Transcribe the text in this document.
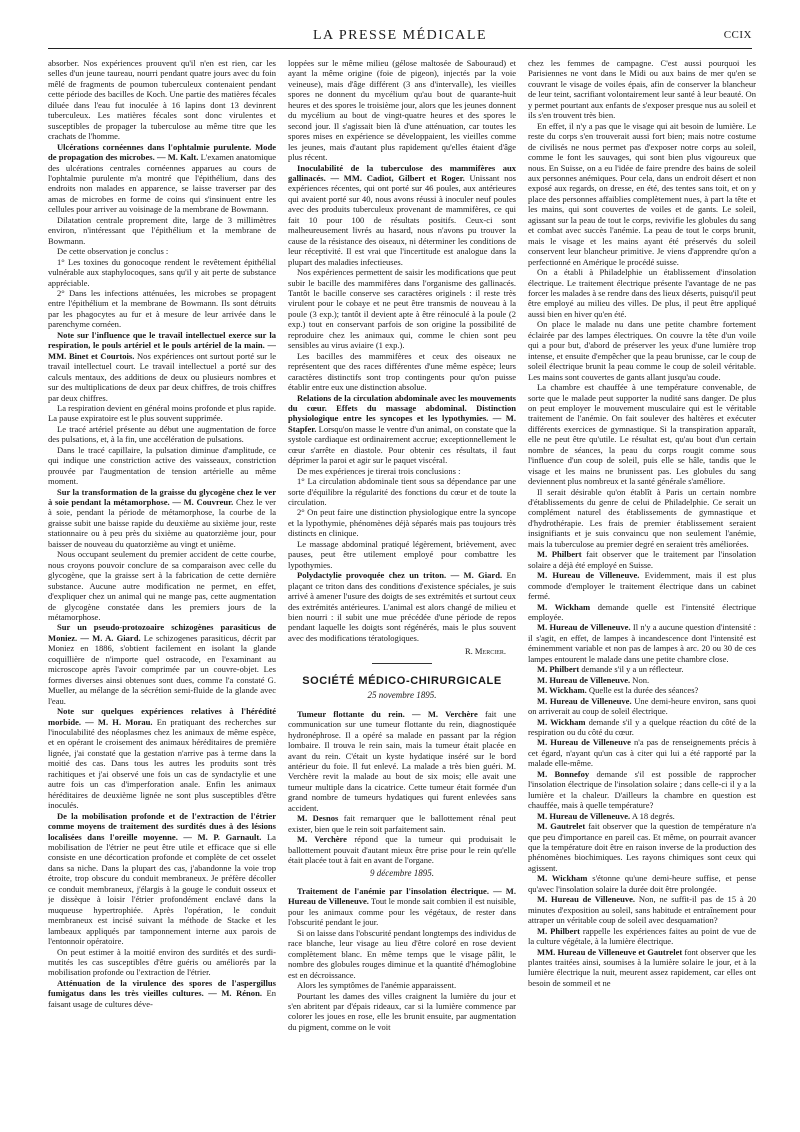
LA PRESSE MÉDICALE	CCIX

absorber. Nos expériences prouvent qu'il n'en est rien, car les selles d'un jeune taureau, nourri pendant quatre jours avec du foin mêlé de fragments de poumon tuberculeux contenaient pendant cette période des bacilles de Koch. Une partie des matières fécales diluée dans l'eau fut inoculée à 16 lapins dont 13 devinrent tuberculeux. Les matières fécales sont donc virulentes et susceptibles de propager la tuberculose au même titre que les crachats de l'homme.

Ulcérations cornéennes dans l'ophtalmie purulente. Mode de propagation des microbes. — M. Kalt. L'examen anatomique des ulcérations centrales cornéennes apparues au cours de l'ophtalmie purulente m'a montré que l'épithélium, dans des endroits non malades en apparence, se laisse traverser par des amas de microbes en forme de coins qui s'insinuent entre les cellules pour arriver au voisinage de la membrane de Bowmann.

Dilatation centrale proprement dite, large de 3 millimètres environ, n'intéressant que l'épithélium et la membrane de Bowmann.

De cette observation je conclus :

1° Les toxines du gonocoque rendent le revêtement épithélial vulnérable aux staphylocoques, sans qu'il y ait perte de substance appréciable.

2° Dans les infections atténuées, les microbes se propagent entre l'épithélium et la membrane de Bowmann. Ils sont détruits par les phagocytes au fur et à mesure de leur arrivée dans le parenchyme cornéen.

Note sur l'influence que le travail intellectuel exerce sur la respiration, le pouls artériel et le pouls artériel de la main. — MM. Binet et Courtois. Nos expériences ont surtout porté sur le travail intellectuel court. Le travail intellectuel a porté sur des calculs mentaux, des additions de deux ou plusieurs nombres et sur des multiplications de deux par deux chiffres, de trois chiffres par deux chiffres.

La respiration devient en général moins profonde et plus rapide. La pause expiratoire est le plus souvent supprimée.

Le tracé artériel présente au début une augmentation de force des pulsations, et, à la fin, une accélération de pulsations.

Dans le tracé capillaire, la pulsation diminue d'amplitude, ce qui indique une constriction active des vaisseaux, constriction prouvée par l'augmentation de tension artérielle au même moment.

Sur la transformation de la graisse du glycogène chez le ver à soie pendant la métamorphose. — M. Couvreur. Chez le ver à soie, pendant la période de métamorphose, la courbe de la graisse subit une baisse rapide du deuxième au sixième jour, reste stationnaire ou à peu près du sixième au quatorzième jour, pour baisser de nouveau du quatorzième au vingt et unième.

Nous occupant seulement du premier accident de cette courbe, nous croyons pouvoir conclure de sa comparaison avec celle du glycogène, que la graisse sert à la fabrication de cette dernière substance. Aucune autre modification ne permet, en effet, d'expliquer chez un animal qui ne mange pas, cette augmentation de glycogène constatée dans les premiers jours de la métamorphose.

Sur un pseudo-protozoaire schizogènes parasiticus de Moniez. — M. A. Giard. Le schizogenes parasiticus, décrit par Moniez en 1886, s'obtient facilement en isolant la glande coquillière de n'importe quel ostracode, en l'examinant au microscope après l'avoir comprimée par un couvre-objet. Les formes diverses ainsi obtenues sont dues, comme l'a constaté G. Mueller, au mélange de la sécrétion semi-fluide de la glande avec l'eau.

Note sur quelques expériences relatives à l'hérédité morbide. — M. H. Morau. En pratiquant des recherches sur l'inoculabilité des néoplasmes chez les animaux de même espèce, et en opérant le croisement des animaux héréditaires de première lignée, j'ai constaté que la gestation n'arrive pas à terme dans la moitié des cas. Dans tous les autres les produits sont très rachitiques et j'ai observé une fois un cas de syndactylie et une autre fois un cas d'imperforation anale. Enfin les animaux héréditaires de deuxième lignée ne sont plus susceptibles d'être inoculés.

De la mobilisation profonde et de l'extraction de l'étrier comme moyens de traitement des surdités dues à des lésions localisées dans l'oreille moyenne. — M. P. Garnault. La mobilisation de l'étrier ne peut être utile et efficace que si elle consiste en une décortication profonde et complète de cet osselet dans sa niche. Dans la plupart des cas, j'abandonne la voie trop étroite, trop obscure du conduit membraneux. Je préfère décoller ce conduit membraneux, j'élargis à la gouge le conduit osseux et je dissèque à loisir l'étrier profondément enclavé dans la muqueuse hypertrophiée. Après l'opération, le conduit membraneux est incisé suivant la méthode de Stacke et les lambeaux appliqués par tamponnement interne aux parois de l'entonnoir opératoire.

On peut estimer à la moitié environ des surdités et des surdi-mutités les cas susceptibles d'être guéris ou améliorés par la mobilisation profonde ou l'extraction de l'étrier.

Atténuation de la virulence des spores de l'aspergillus fumigatus dans les très vieilles cultures. — M. Rénon. En faisant usage de cultures déve-

loppées sur le même milieu (gélose maltosée de Sabouraud) et ayant la même origine (foie de pigeon), injectés par la voie veineuse), mais d'âge différent (3 ans d'intervalle), les vieilles spores ne donnent du mycélium qu'au bout de quarante-huit heures et des spores le troisième jour, alors que les jeunes donnent du mycélium au bout de vingt-quatre heures et des spores le second jour. Il s'agissait bien là d'une atténuation, car toutes les spores mises en expérience se développaient, les vieilles comme les jeunes, mais d'autant plus rapidement qu'elles étaient d'âge plus récent.

Inoculabilité de la tuberculose des mammifères aux gallinacés. — MM. Cadiot, Gilbert et Roger. Unissant nos expériences récentes, qui ont porté sur 46 poules, aux antérieures qui avaient porté sur 40, nous avons réussi à inoculer neuf poules avec des produits tuberculeux provenant de mammifères, ce qui fait 10 pour 100 de résultats positifs. Ceux-ci sont malheureusement livrés au hasard, nous n'avons pu trouver la cause de la résistance des oiseaux, ni déterminer les conditions de leur réceptivité. Il est vrai que l'incertitude est analogue dans la plupart des maladies infectieuses.

Nos expériences permettent de saisir les modifications que peut subir le bacille des mammifères dans l'organisme des gallinacés. Tantôt le bacille conserve ses caractères originels : il reste très virulent pour le cobaye et ne peut être transmis de nouveau à la poule (3 exp.); tantôt il devient apte à être réinoculé à la poule (2 exp.) tout en conservant parfois de son origine la possibilité de reproduire chez les animaux qui, comme le chien sont peu sensibles au virus aviaire (1 exp.).

Les bacilles des mammifères et ceux des oiseaux ne représentent que des races différentes d'une même espèce; leurs caractères distinctifs sont trop contingents pour qu'on puisse établir entre eux une distinction absolue.

Relations de la circulation abdominale avec les mouvements du cœur. Effets du massage abdominal. Distinction physiologique entre les syncopes et les lypothymies. — M. Stapfer. Lorsqu'on masse le ventre d'un animal, on constate que la systole cardiaque est ordinairement accrue; exceptionnellement le cœur s'arrête en diastole. Pour obtenir ces résultats, il faut déprimer la paroi et agir sur le paquet viscéral.

De mes expériences je tirerai trois conclusions :

1° La circulation abdominale tient sous sa dépendance par une sorte d'équilibre la régularité des fonctions du cœur et de toute la circulation.

2° On peut faire une distinction physiologique entre la syncope et la lypothymie, phénomènes déjà séparés mais pas toujours très distincts en clinique.

Le massage abdominal pratiqué légèrement, brièvement, avec pauses, peut être utilement employé pour combattre les lypothymies.

Polydactylie provoquée chez un triton. — M. Giard. En plaçant ce triton dans des conditions d'existence spéciales, je suis arrivé à amener l'usure des doigts de ses extrémités et surtout ceux des extrémités antérieures. L'animal est alors changé de milieu et bien nourri : il subit une mue précédée d'une période de repos pendant laquelle les doigts sont régénérés, mais le plus souvent avec des modifications tératologiques.

R. Mercier.
SOCIÉTÉ MÉDICO-CHIRURGICALE
25 novembre 1895.

Tumeur flottante du rein. — M. Verchère fait une communication sur une tumeur flottante du rein, diagnostiquée hydronéphrose. Il a opéré sa malade en passant par la région lombaire. Il trouva le rein sain, mais la tumeur était placée en avant du rein. C'était un kyste hydatique inséré sur le bord antérieur du foie. Il fut enlevé. La malade a très bien guéri. M. Verchère revit la malade au bout de six mois; elle avait une tumeur multiple dans la cicatrice. Cette tumeur était formée d'un grand nombre de tumeurs hydatiques qui furent enlevées sans accident.

M. Desnos fait remarquer que le ballottement rénal peut exister, bien que le rein soit parfaitement sain.

M. Verchère répond que la tumeur qui produisait le ballottement pouvait d'autant mieux être prise pour le rein qu'elle était placée tout à fait en avant de l'organe.

9 décembre 1895.

Traitement de l'anémie par l'insolation électrique. — M. Hureau de Villeneuve. Tout le monde sait combien il est nuisible, pour les animaux comme pour les végétaux, de rester dans l'obscurité pendant le jour.

Si on laisse dans l'obscurité pendant longtemps des individus de race blanche, leur visage au lieu d'être coloré en rose devient complètement blanc. En même temps que le visage pâlit, le nombre des globules rouges diminue et la quantité d'hémoglobine est en décroissance.

Alors les symptômes de l'anémie apparaissent.

Pourtant les dames des villes craignent la lumière du jour et s'en abritent par d'épais rideaux, car si la lumière commence par colorer les joues en rose, elle les brunit ensuite, par augmentation du pigment, comme on le voit

chez les femmes de campagne. C'est aussi pourquoi les Parisiennes ne vont dans le Midi ou aux bains de mer qu'en se couvrant le visage de voiles épais, afin de conserver la blancheur de leur teint, sacrifiant volontairement leur santé à leur beauté. On y permet pourtant aux enfants de s'exposer presque nus au soleil et ils s'en trouvent très bien.

En effet, il n'y a pas que le visage qui ait besoin de lumière. Le reste du corps s'en trouverait aussi fort bien; mais notre costume de civilisés ne nous permet pas d'exposer notre corps au soleil, comme le font les sauvages, qui sont bien plus vigoureux que nous. En Suisse, on a eu l'idée de faire prendre des bains de soleil aux personnes anémiques. Pour cela, dans un endroit désert et non exposé aux regards, on dresse, en été, des tentes sans toit, et on y place des personnes affaiblies complètement nues, à part la tête et les mains, qui sont couvertes de voiles et de gants. Le soleil, agissant sur la peau de tout le corps, revivifie les globules du sang et combat avec succès l'anémie. La peau de tout le corps brunit, mais le visage et les mains ayant été préservés du soleil conservent leur blancheur primitive. Je viens d'apprendre qu'on a perfectionné en Amérique le procédé suisse.

On a établi à Philadelphie un établissement d'insolation électrique. Le traitement électrique présente l'avantage de ne pas forcer les malades à se rendre dans des lieux déserts, puisqu'il peut être employé au milieu des villes. De plus, il peut être appliqué aussi bien en hiver qu'en été.

On place le malade nu dans une petite chambre fortement éclairée par des lampes électriques. On couvre la tête d'un voile qui a pour but, d'abord de préserver les yeux d'une lumière trop intense, et ensuite d'empêcher que la peau brunisse, car le coup de soleil électrique brunit la peau comme le coup de soleil véritable. Les mains sont couvertes de gants allant jusqu'au coude.

La chambre est chauffée à une température convenable, de sorte que le malade peut supporter la nudité sans danger. De plus on peut employer le mouvement musculaire qui est le véritable traitement de l'anémie. On fait soulever des haltères et exécuter différents exercices de gymnastique. Si la transpiration apparaît, elle ne peut être qu'utile. Le résultat est, qu'au bout d'un certain nombre de séances, la peau du corps rougit comme sous l'influence d'un coup de soleil, puis elle se hâle, tandis que le visage et les mains ne brunissent pas. Les globules du sang deviennent plus nombreux et la santé générale s'améliore.

Il serait désirable qu'on établît à Paris un certain nombre d'établissements du genre de celui de Philadelphie. Ce serait un complément naturel des établissements de gymnastique et d'hydrothérapie. Les frais de premier établissement seraient insignifiants et je suis convaincu que non seulement l'anémie, mais la tuberculose au premier degré en seraient très améliorées.

M. Philbert fait observer que le traitement par l'insolation solaire a déjà été employé en Suisse.

M. Hureau de Villeneuve. Evidemment, mais il est plus commode d'employer le traitement électrique dans un cabinet fermé.

M. Wickham demande quelle est l'intensité électrique employée.

M. Hureau de Villeneuve. Il n'y a aucune question d'intensité : il s'agit, en effet, de lampes à incandescence dont l'intensité est éminemment variable et non pas de lampes à arc. 20 ou 30 de ces lampes entourent le malade dans une petite chambre close.

M. Philbert demande s'il y a un réflecteur.

M. Hureau de Villeneuve. Non.

M. Wickham. Quelle est la durée des séances?

M. Hureau de Villeneuve. Une demi-heure environ, sans quoi on arriverait au coup de soleil électrique.

M. Wickham demande s'il y a quelque réaction du côté de la respiration ou du côté du cœur.

M. Hureau de Villeneuve n'a pas de renseignements précis à cet égard, n'ayant qu'un cas à citer qui lui a été rapporté par la malade elle-même.

M. Bonnefoy demande s'il est possible de rapprocher l'insolation électrique de l'insolation solaire ; dans celle-ci il y a la lumière et la chaleur. D'ailleurs la chambre en question est chauffée, mais à quelle température?

M. Hureau de Villeneuve. A 18 degrés.

M. Gautrelet fait observer que la question de température n'a que peu d'importance en pareil cas. Et même, on pourrait avancer que la température doit être en raison inverse de la production des phénomènes biochimiques. Les rayons chimiques sont ceux qui agissent.

M. Wickham s'étonne qu'une demi-heure suffise, et pense qu'avec l'insolation solaire la durée doit être prolongée.

M. Hureau de Villeneuve. Non, ne suffit-il pas de 15 à 20 minutes d'exposition au soleil, sans habitude et entraînement pour attraper un véritable coup de soleil avec desquamation?

M. Philbert rappelle les expériences faites au point de vue de la culture végétale, à la lumière électrique.

MM. Hureau de Villeneuve et Gautrelet font observer que les plantes traitées ainsi, soumises à la lumière solaire le jour, et à la lumière électrique la nuit, meurent assez rapidement, car elles ont besoin de sommeil et ne
